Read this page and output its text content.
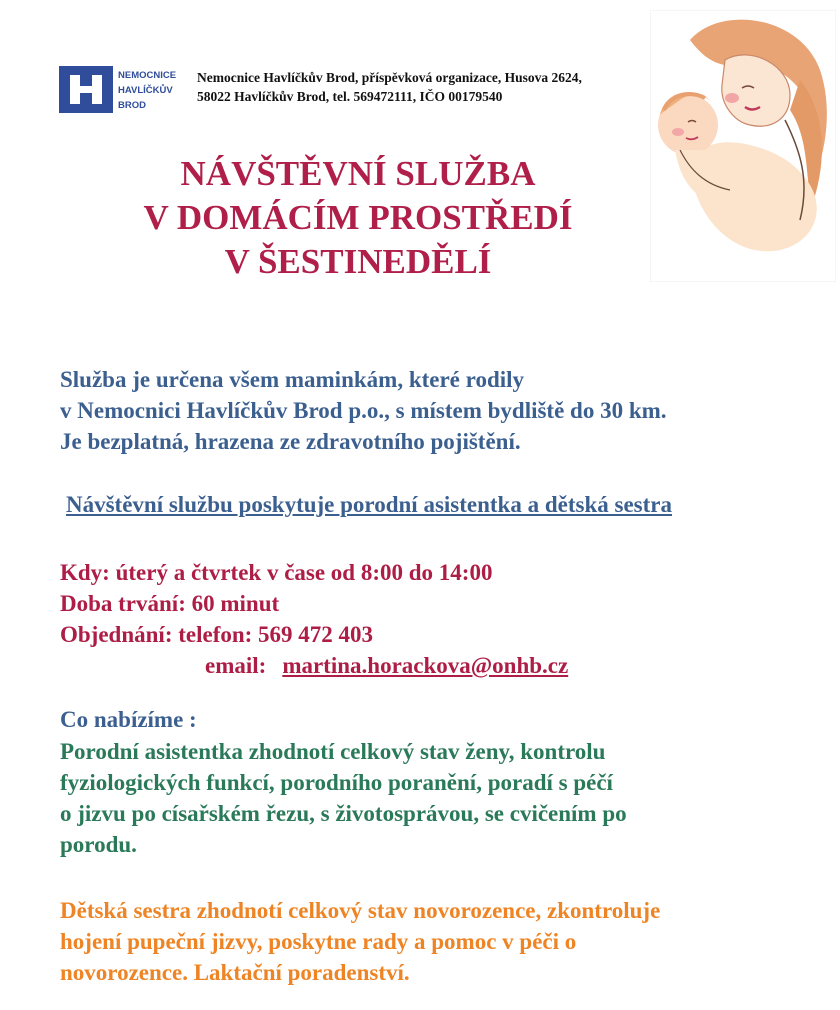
NEMOCNICE
HAVLÍČKŮV
BROD
Nemocnice Havlíčkův Brod, příspěvková organizace, Husova 2624,
58022 Havlíčkův Brod, tel. 569472111, IČO 00179540
NÁVŠTĚVNÍ SLUŽBA
V DOMÁCÍM PROSTŘEDÍ
V ŠESTINEDĚLÍ
Služba je určena všem maminkám, které rodily
v Nemocnici Havlíčkův Brod p.o., s místem bydliště do 30 km.
Je bezplatná, hrazena ze zdravotního pojištění.
Návštěvní službu poskytuje porodní asistentka a dětská sestra
Kdy: úterý a čtvrtek v čase od 8:00 do 14:00
Doba trvání: 60 minut
Objednání: telefon: 569 472 403
email: martina.horackova@onhb.cz
Co nabízíme :
Porodní asistentka zhodnotí celkový stav ženy, kontrolu
fyziologických funkcí, porodního poranění, poradí s péčí
o jizvu po císařském řezu, s životosprávou, se cvičením po
porodu.
Dětská sestra zhodnotí celkový stav novorozence, zkontroluje
hojení pupeční jizvy, poskytne rady a pomoc v péči o
novorozence. Laktační poradenství.
